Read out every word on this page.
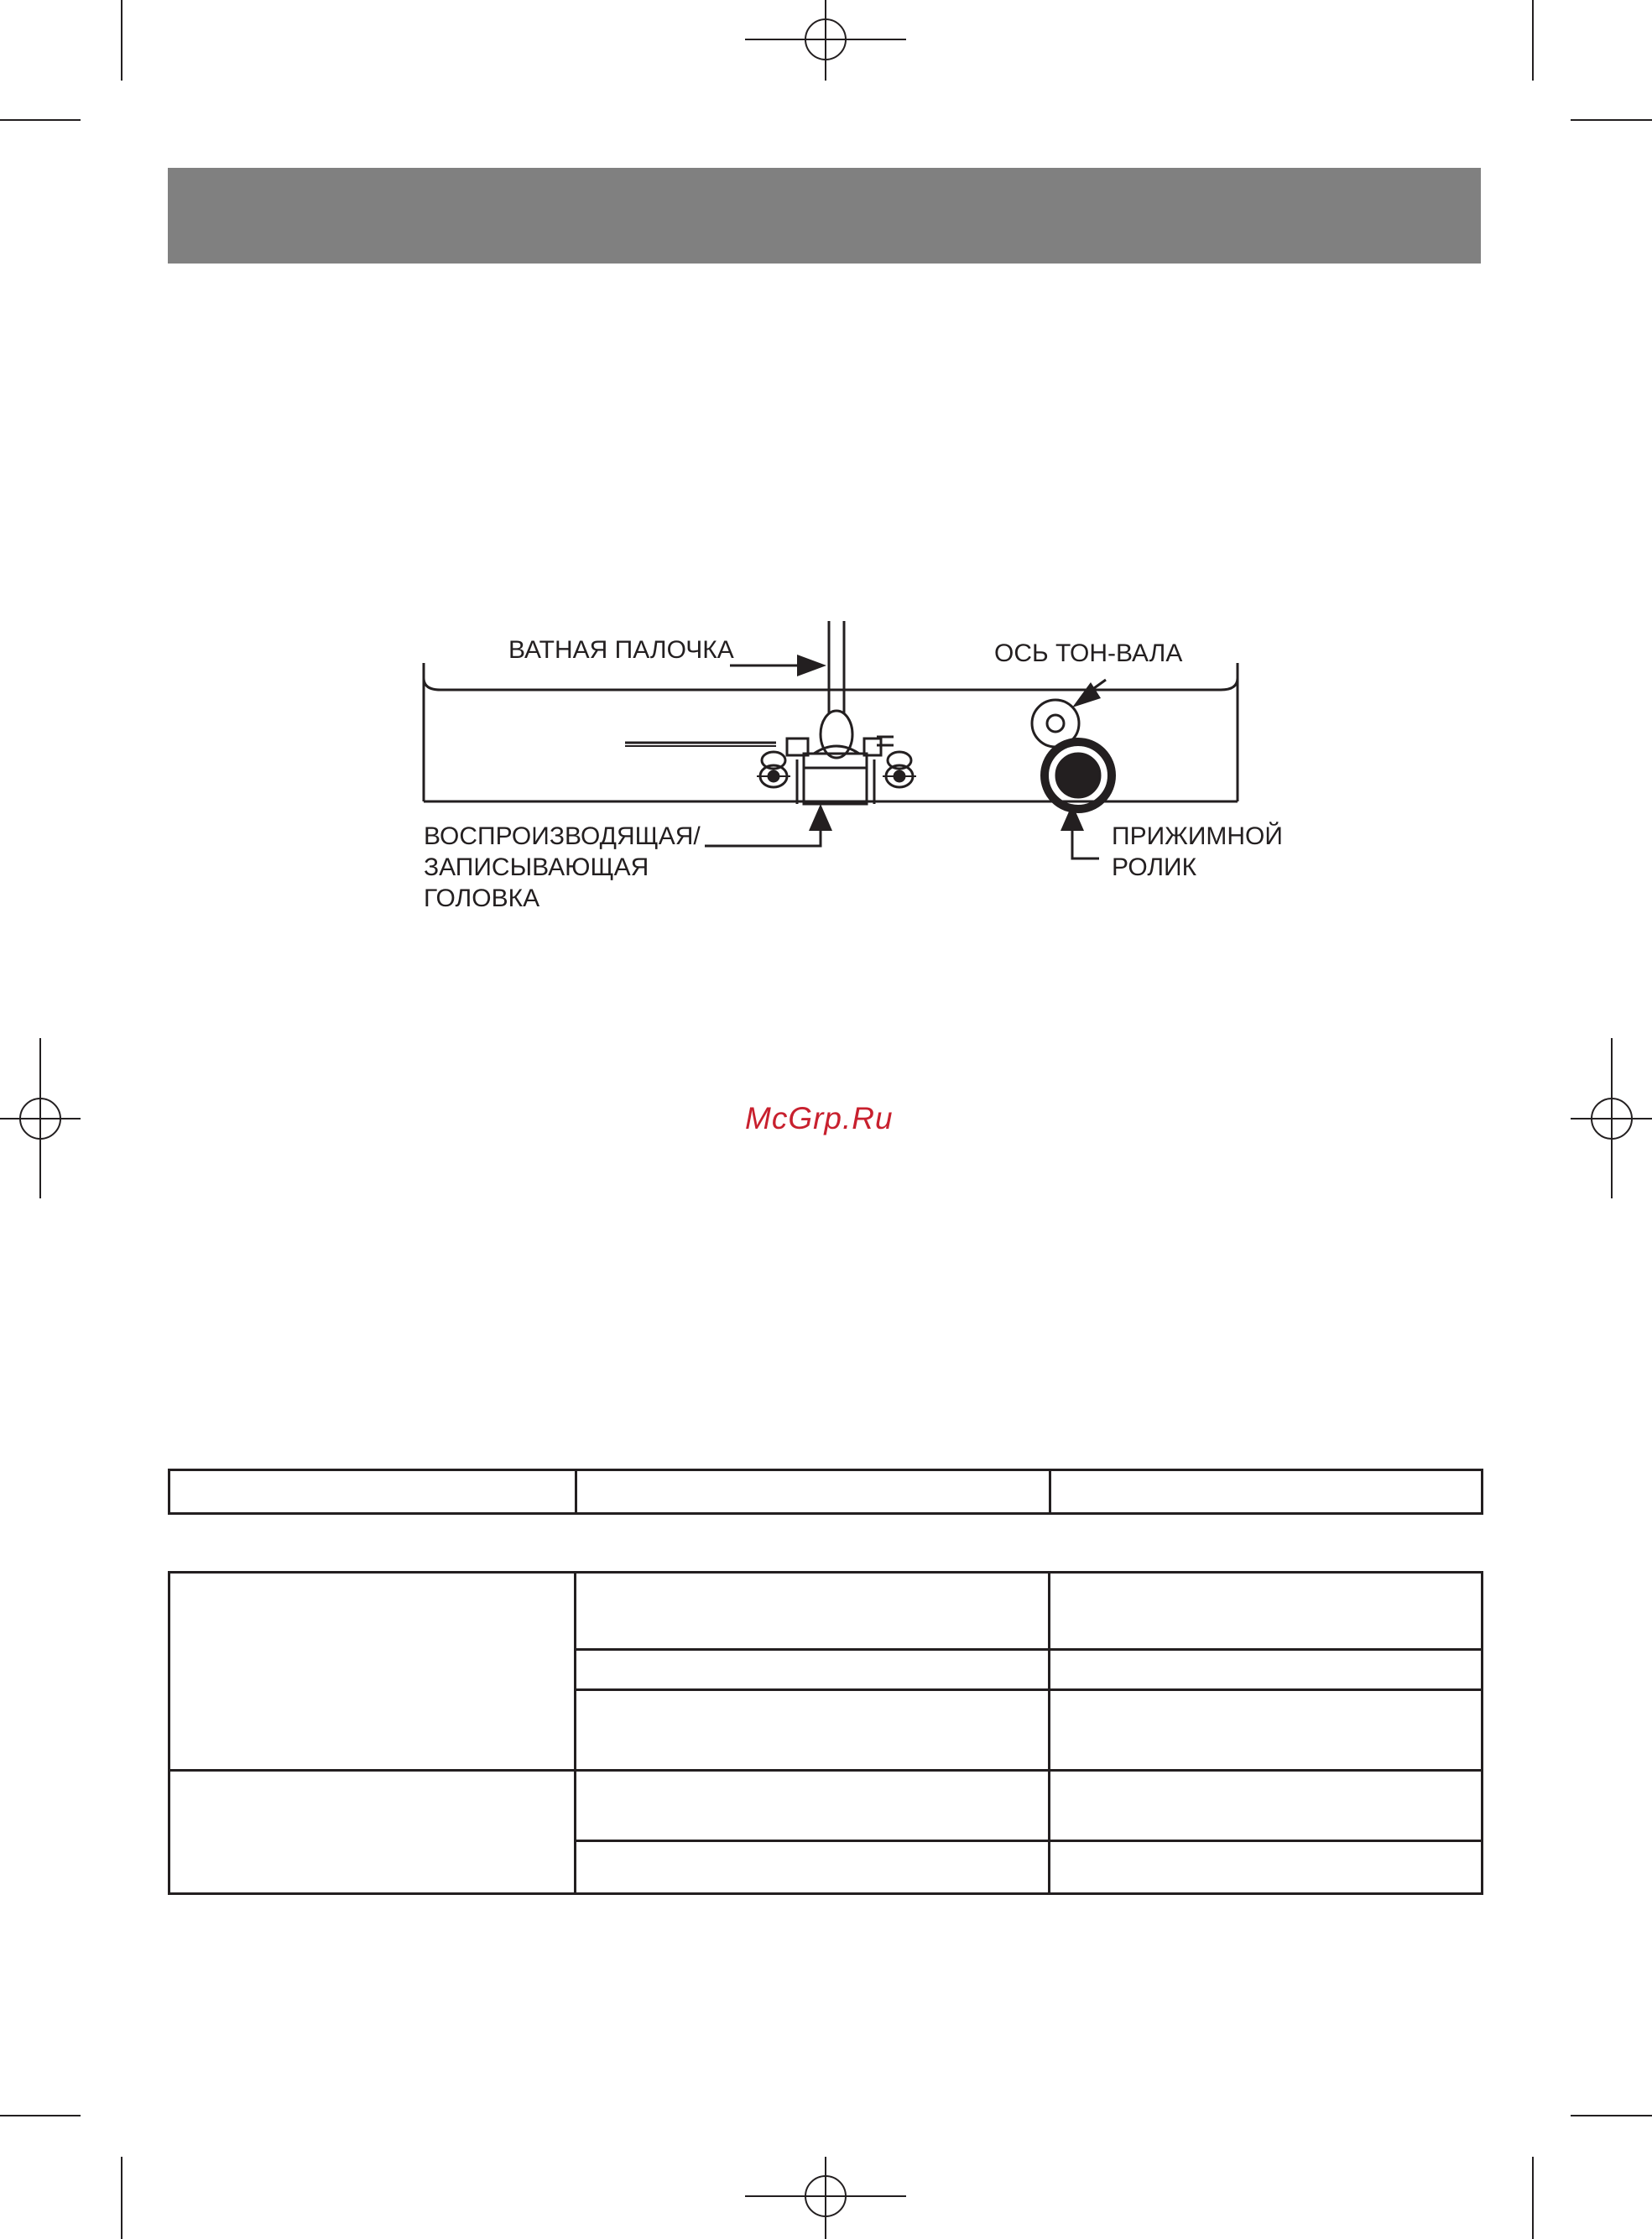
ВАТНАЯ ПАЛОЧКА	ОСЬ ТОН-ВАЛА
ВОСПРОИЗВОДЯЩАЯ/
ЗАПИСЫВАЮЩАЯ
ГОЛОВКА
ПРИЖИМНОЙ
РОЛИК
McGrp.Ru
